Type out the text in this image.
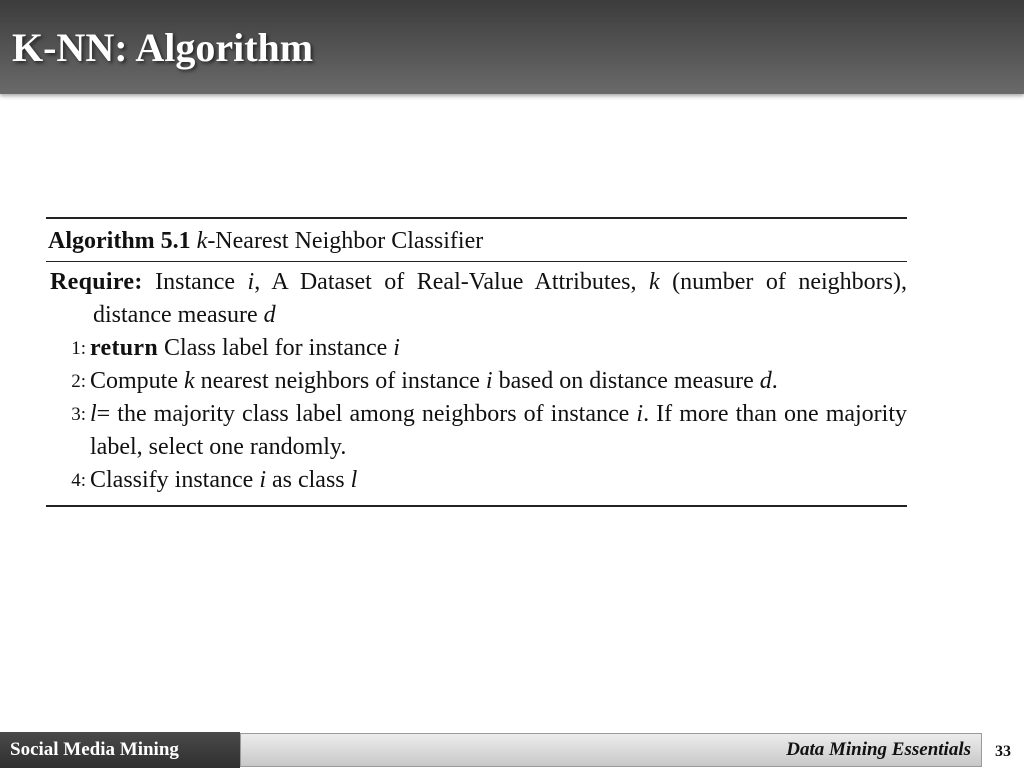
K-NN: Algorithm
Algorithm 5.1 k-Nearest Neighbor Classifier
Require: Instance i, A Dataset of Real-Value Attributes, k (number of neighbors), distance measure d
1: return Class label for instance i
2: Compute k nearest neighbors of instance i based on distance measure d.
3: l= the majority class label among neighbors of instance i. If more than one majority label, select one randomly.
4: Classify instance i as class l
Social Media Mining	Data Mining Essentials	33
